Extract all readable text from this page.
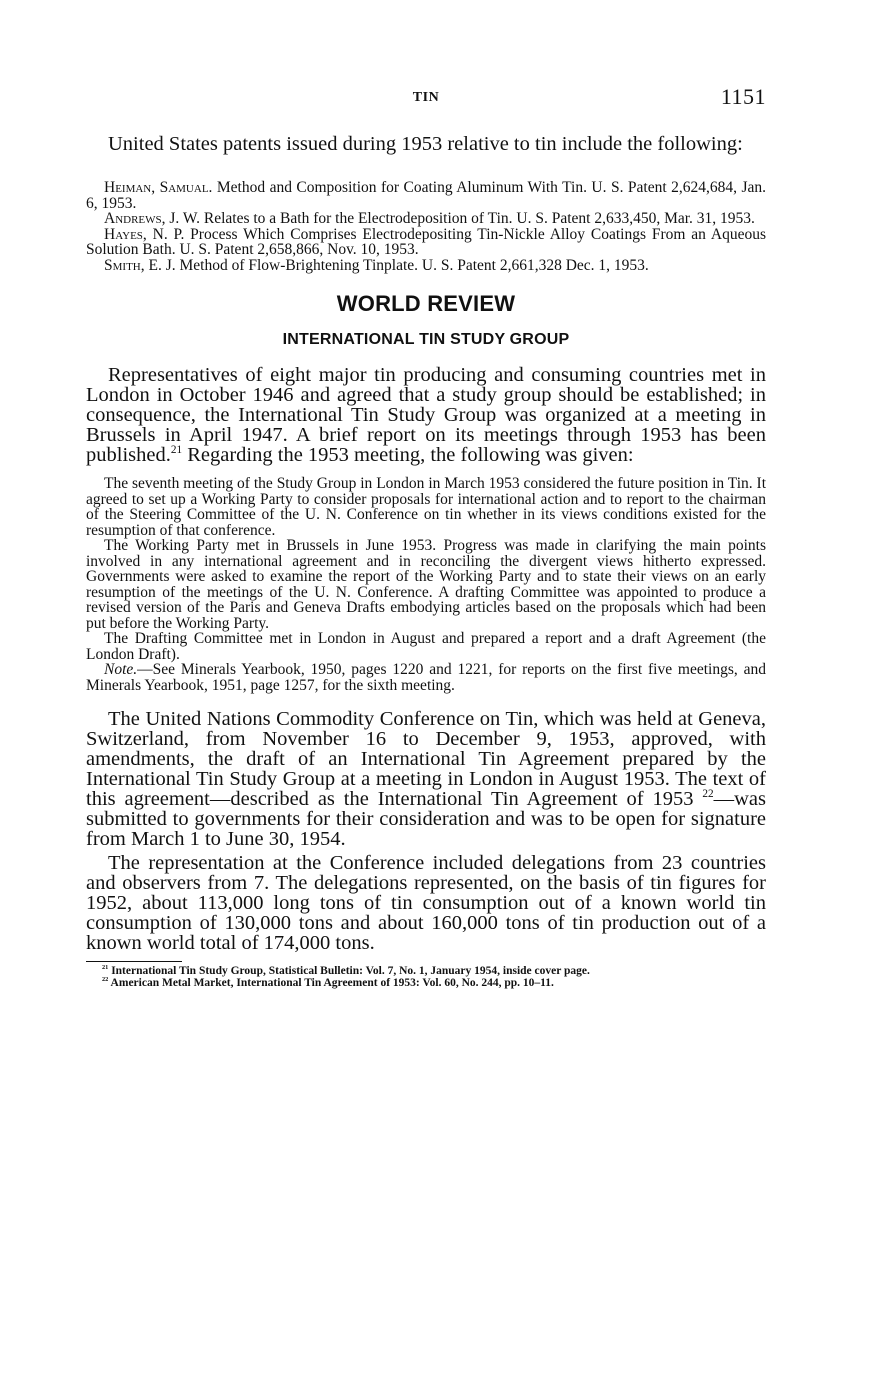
TIN	1151

United States patents issued during 1953 relative to tin include the following:

Heiman, Samual. Method and Composition for Coating Aluminum With Tin. U. S. Patent 2,624,684, Jan. 6, 1953.

Andrews, J. W. Relates to a Bath for the Electrodeposition of Tin. U. S. Patent 2,633,450, Mar. 31, 1953.

Hayes, N. P. Process Which Comprises Electrodepositing Tin-Nickle Alloy Coatings From an Aqueous Solution Bath. U. S. Patent 2,658,866, Nov. 10, 1953.

Smith, E. J. Method of Flow-Brightening Tinplate. U. S. Patent 2,661,328 Dec. 1, 1953.

WORLD REVIEW
INTERNATIONAL TIN STUDY GROUP

Representatives of eight major tin producing and consuming countries met in London in October 1946 and agreed that a study group should be established; in consequence, the International Tin Study Group was organized at a meeting in Brussels in April 1947. A brief report on its meetings through 1953 has been published.$^{21}$ Regarding the 1953 meeting, the following was given:

The seventh meeting of the Study Group in London in March 1953 considered the future position in Tin. It agreed to set up a Working Party to consider proposals for international action and to report to the chairman of the Steering Committee of the U. N. Conference on tin whether in its views conditions existed for the resumption of that conference.

The Working Party met in Brussels in June 1953. Progress was made in clarifying the main points involved in any international agreement and in reconciling the divergent views hitherto expressed. Governments were asked to examine the report of the Working Party and to state their views on an early resumption of the meetings of the U. N. Conference. A drafting Committee was appointed to produce a revised version of the Paris and Geneva Drafts embodying articles based on the proposals which had been put before the Working Party.

The Drafting Committee met in London in August and prepared a report and a draft Agreement (the London Draft).

Note.—See Minerals Yearbook, 1950, pages 1220 and 1221, for reports on the first five meetings, and Minerals Yearbook, 1951, page 1257, for the sixth meeting.

The United Nations Commodity Conference on Tin, which was held at Geneva, Switzerland, from November 16 to December 9, 1953, approved, with amendments, the draft of an International Tin Agreement prepared by the International Tin Study Group at a meeting in London in August 1953. The text of this agreement—described as the International Tin Agreement of 1953 $^{22}$—was submitted to governments for their consideration and was to be open for signature from March 1 to June 30, 1954.

The representation at the Conference included delegations from 23 countries and observers from 7. The delegations represented, on the basis of tin figures for 1952, about 113,000 long tons of tin consumption out of a known world tin consumption of 130,000 tons and about 160,000 tons of tin production out of a known world total of 174,000 tons.

$^{21}$ International Tin Study Group, Statistical Bulletin: Vol. 7, No. 1, January 1954, inside cover page.

$^{22}$ American Metal Market, International Tin Agreement of 1953: Vol. 60, No. 244, pp. 10–11.
